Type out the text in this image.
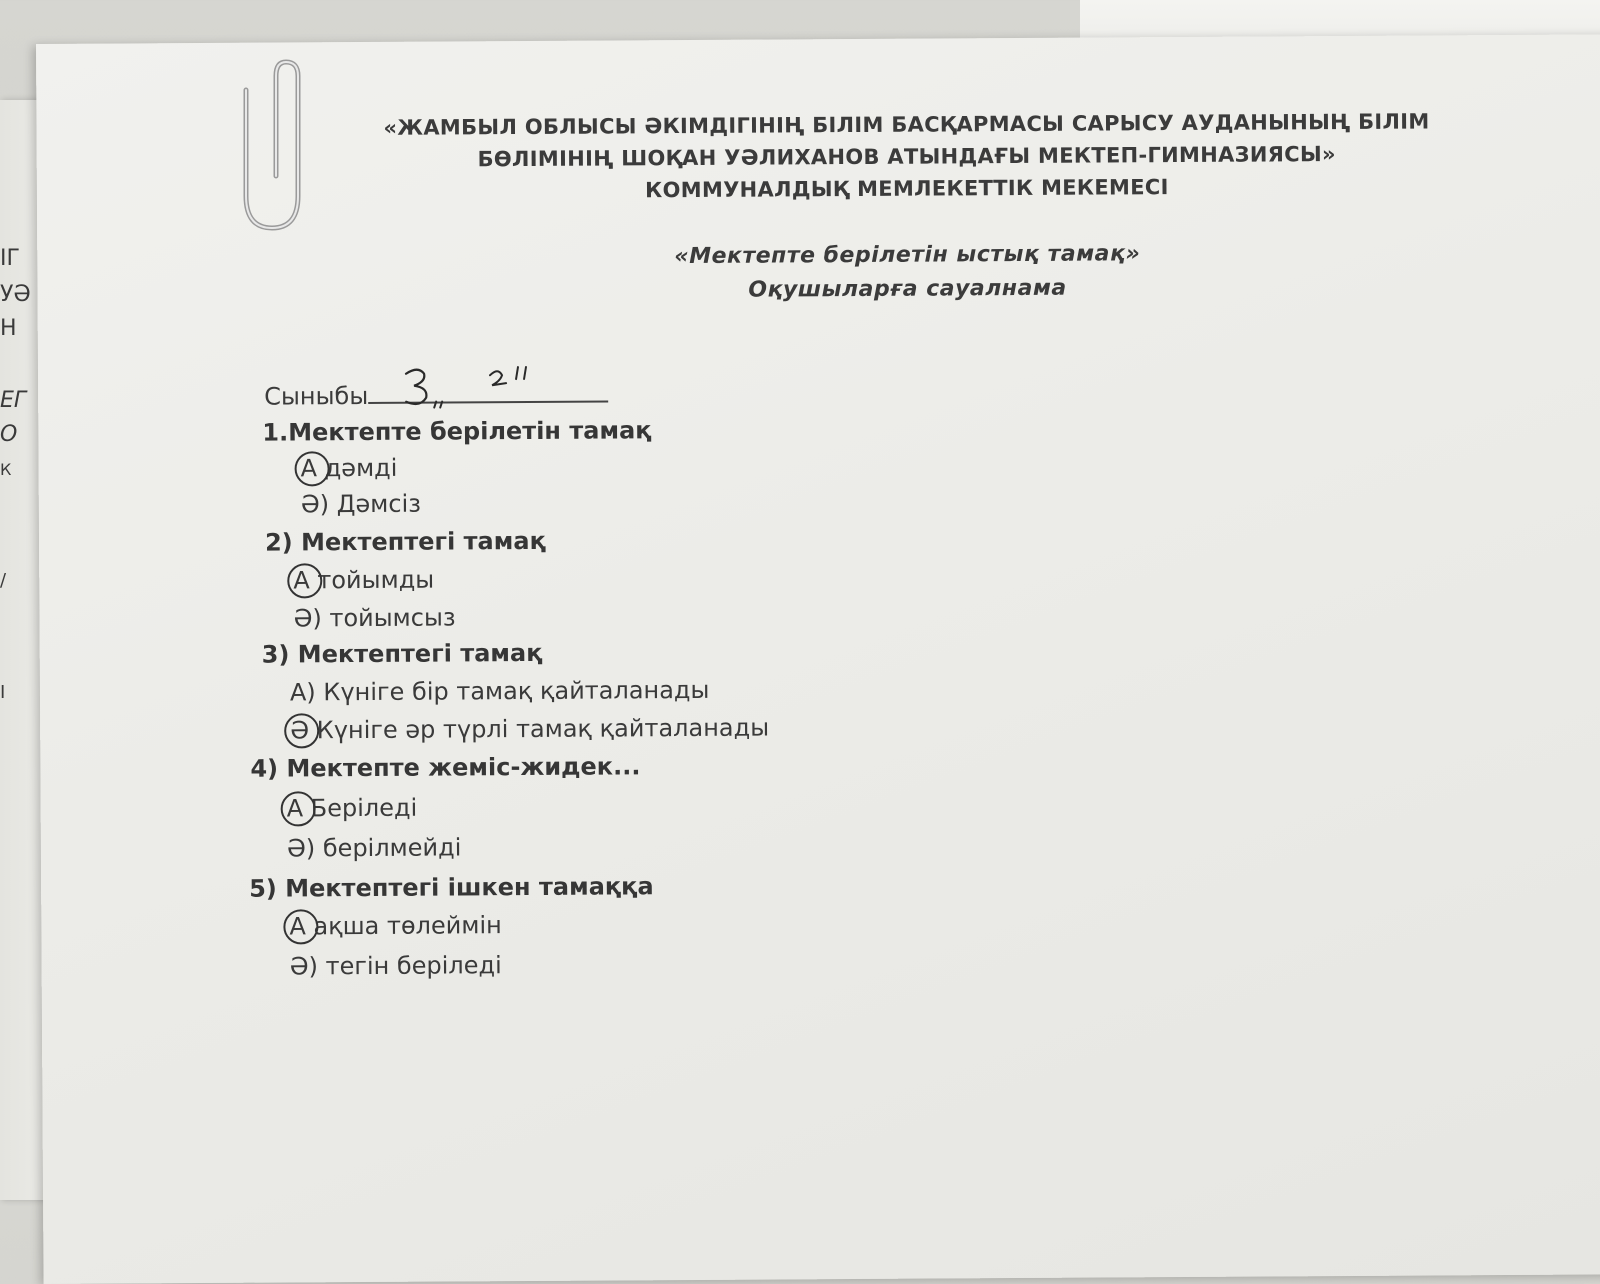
ІГ
УӘ
Н
ЕГ
О
К
/
І
«ЖАМБЫЛ ОБЛЫСЫ ӘКІМДІГІНІҢ БІЛІМ БАСҚАРМАСЫ САРЫСУ АУДАНЫНЫҢ БІЛІМ
БӨЛІМІНІҢ ШОҚАН УӘЛИХАНОВ АТЫНДАҒЫ МЕКТЕП-ГИМНАЗИЯСЫ»
КОММУНАЛДЫҚ МЕМЛЕКЕТТІК МЕКЕМЕСІ
«Мектепте берілетін ыстық тамақ»
Оқушыларға сауалнама
Сыныбы
1.Мектепте берілетін тамақ
А дәмді
Ә) Дәмсіз
2) Мектептегі тамақ
А тойымды
Ә) тойымсыз
3) Мектептегі тамақ
А) Күніге бір тамақ қайталанады
Ә Күніге әр түрлі тамақ қайталанады
4) Мектепте жеміс-жидек...
А Беріледі
Ә) берілмейді
5) Мектептегі ішкен тамаққа
А ақша төлеймін
Ә) тегін беріледі
